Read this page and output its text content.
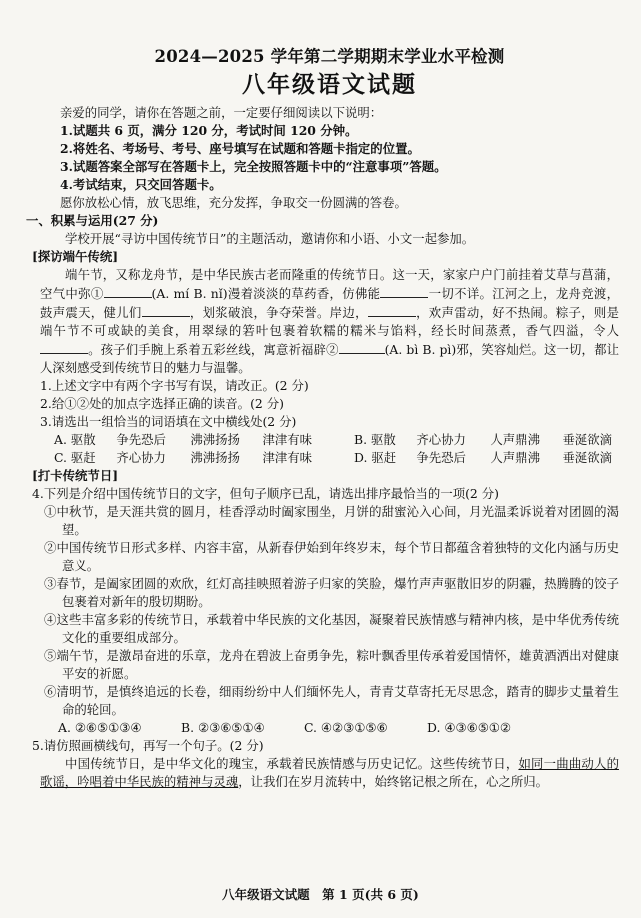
2024—2025 学年第二学期期末学业水平检测
八年级语文试题
亲爱的同学，请你在答题之前，一定要仔细阅读以下说明：
1.试题共 6 页，满分 120 分，考试时间 120 分钟。
2.将姓名、考场号、考号、座号填写在试题和答题卡指定的位置。
3.试题答案全部写在答题卡上，完全按照答题卡中的“注意事项”答题。
4.考试结束，只交回答题卡。
愿你放松心情，放飞思维，充分发挥，争取交一份圆满的答卷。
一、积累与运用(27 分)
学校开展“寻访中国传统节日”的主题活动，邀请你和小语、小文一起参加。
[探访端午传统]
端午节，又称龙舟节，是中华民族古老而隆重的传统节日。这一天，家家户户门前挂着艾草与菖蒲，空气中弥①	(A. mí B. nǐ)漫着淡淡的草药香，仿佛能	一切不详。江河之上，龙舟竞渡，鼓声震天，健儿们	，划浆破浪，争夺荣誉。岸边，	，欢声雷动，好不热闹。粽子，则是端午节不可或缺的美食，用翠绿的箬叶包裹着软糯的糯米与馅料，经长时间蒸煮，香气四溢，令人。孩子们手腕上系着五彩丝线，寓意祈福辟②	(A. bì B. pì)邪，笑容灿烂。这一切，都让人深刻感受到传统节日的魅力与温馨。
1.上述文字中有两个字书写有误，请改正。(2 分)
2.给①②处的加点字选择正确的读音。(2 分)
3.请选出一组恰当的词语填在文中横线处(2 分)
A. 驱散	争先恐后	沸沸扬扬	津津有味	B. 驱散	齐心协力	人声鼎沸	垂涎欲滴
C. 驱赶	齐心协力	沸沸扬扬	津津有味	D. 驱赶	争先恐后	人声鼎沸	垂涎欲滴
[打卡传统节日]
4.下列是介绍中国传统节日的文字，但句子顺序已乱，请选出排序最恰当的一项(2 分)
①中秋节，是天涯共赏的圆月，桂香浮动时阖家围坐，月饼的甜蜜沁入心间，月光温柔诉说着对团圆的渴望。
②中国传统节日形式多样、内容丰富，从新春伊始到年终岁末，每个节日都蕴含着独特的文化内涵与历史意义。
③春节，是阖家团圆的欢欣，红灯高挂映照着游子归家的笑脸，爆竹声声驱散旧岁的阴霾，热腾腾的饺子包裹着对新年的殷切期盼。
④这些丰富多彩的传统节日，承载着中华民族的文化基因，凝聚着民族情感与精神内核，是中华优秀传统文化的重要组成部分。
⑤端午节，是激昂奋进的乐章，龙舟在碧波上奋勇争先，粽叶飘香里传承着爱国情怀，雄黄酒洒出对健康平安的祈愿。
⑥清明节，是慎终追远的长卷，细雨纷纷中人们缅怀先人，青青艾草寄托无尽思念，踏青的脚步丈量着生命的轮回。
A. ②⑥⑤①③④	B. ②③⑥⑤①④	C. ④②③①⑤⑥	D. ④③⑥⑤①②
5.请仿照画横线句，再写一个句子。(2 分)
中国传统节日，是中华文化的瑰宝，承载着民族情感与历史记忆。这些传统节日，如同一曲曲动人的歌谣，吟唱着中华民族的精神与灵魂，让我们在岁月流转中，始终铭记根之所在，心之所归。
八年级语文试题　第 1 页(共 6 页)
